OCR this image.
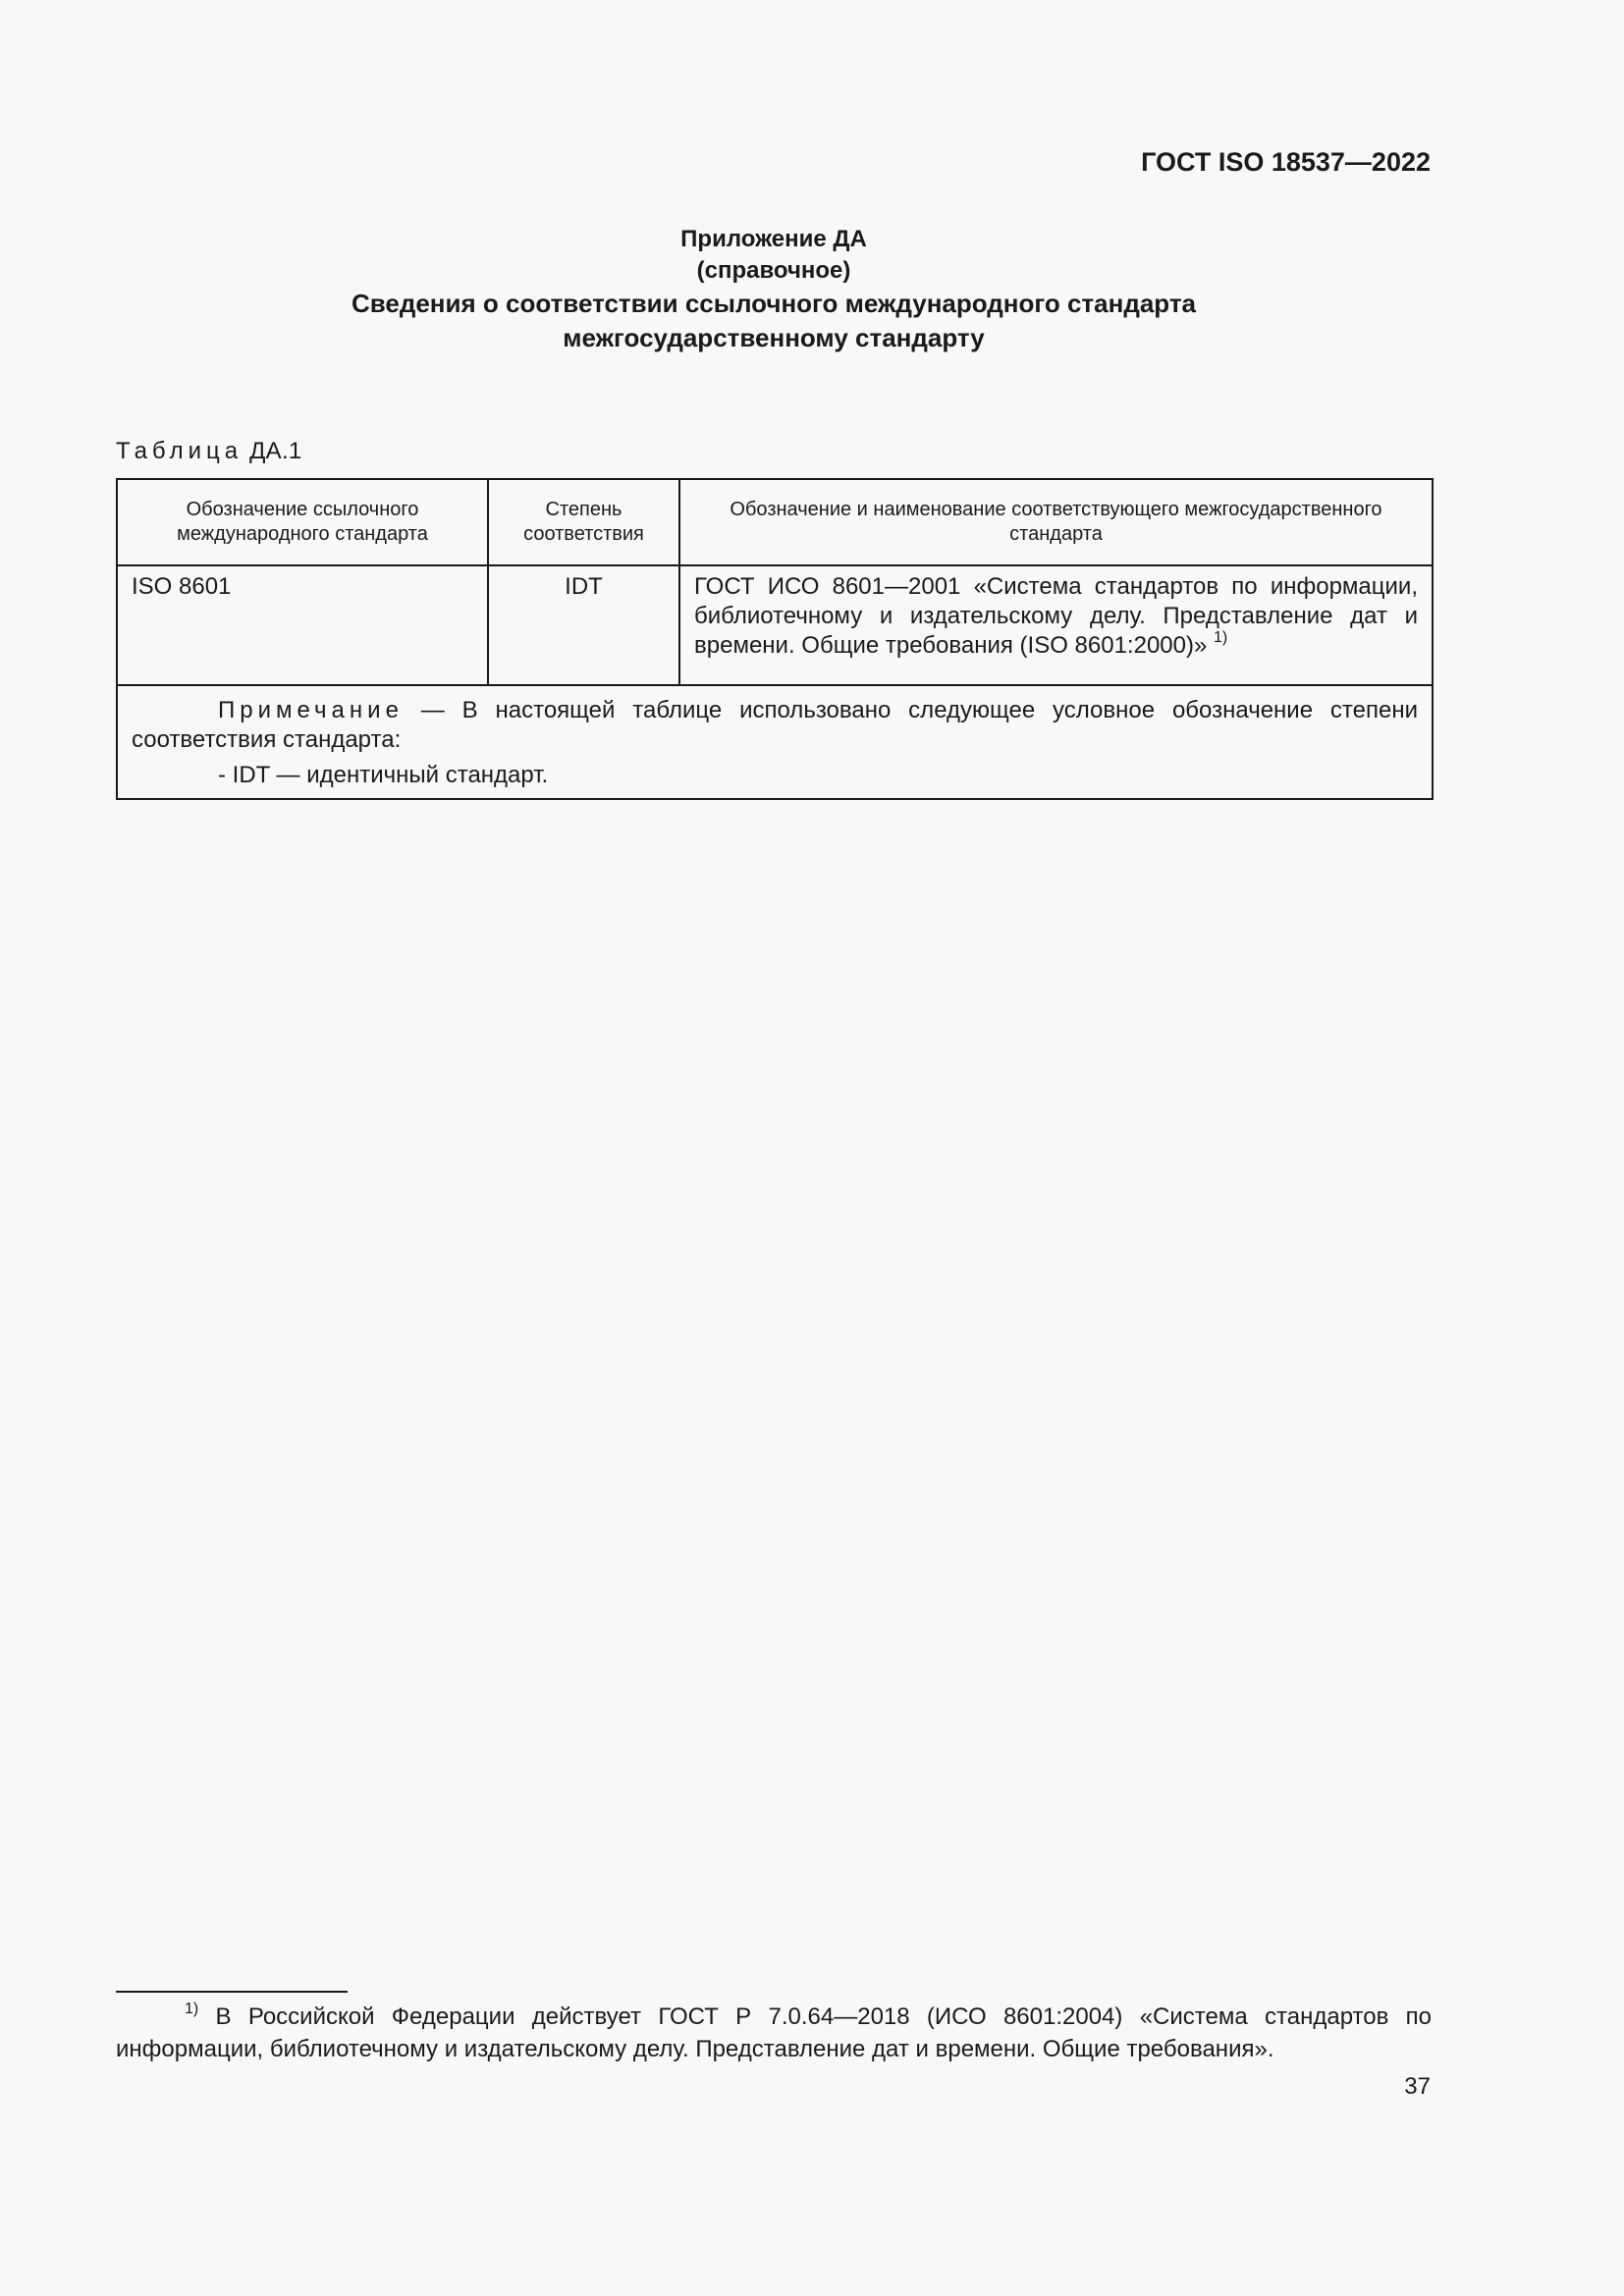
ГОСТ ISO 18537—2022
Приложение ДА
(справочное)
Сведения о соответствии ссылочного международного стандарта
межгосударственному стандарту
Таблица ДА.1
Обозначение ссылочного международного стандарта	Степень соответствия	Обозначение и наименование соответствующего межгосударственного стандарта
ISO 8601	IDT	ГОСТ ИСО 8601—2001 «Система стандартов по информации, библиотечному и издательскому делу. Представление дат и времени. Общие требования (ISO 8601:2000)» $^{1)}$

Примечание — В настоящей таблице использовано следующее условное обозначение степени соответствия стандарта:
- IDT — идентичный стандарт.		
$^{1)}$ В Российской Федерации действует ГОСТ Р 7.0.64—2018 (ИСО 8601:2004) «Система стандартов по информации, библиотечному и издательскому делу. Представление дат и времени. Общие требования».
37
